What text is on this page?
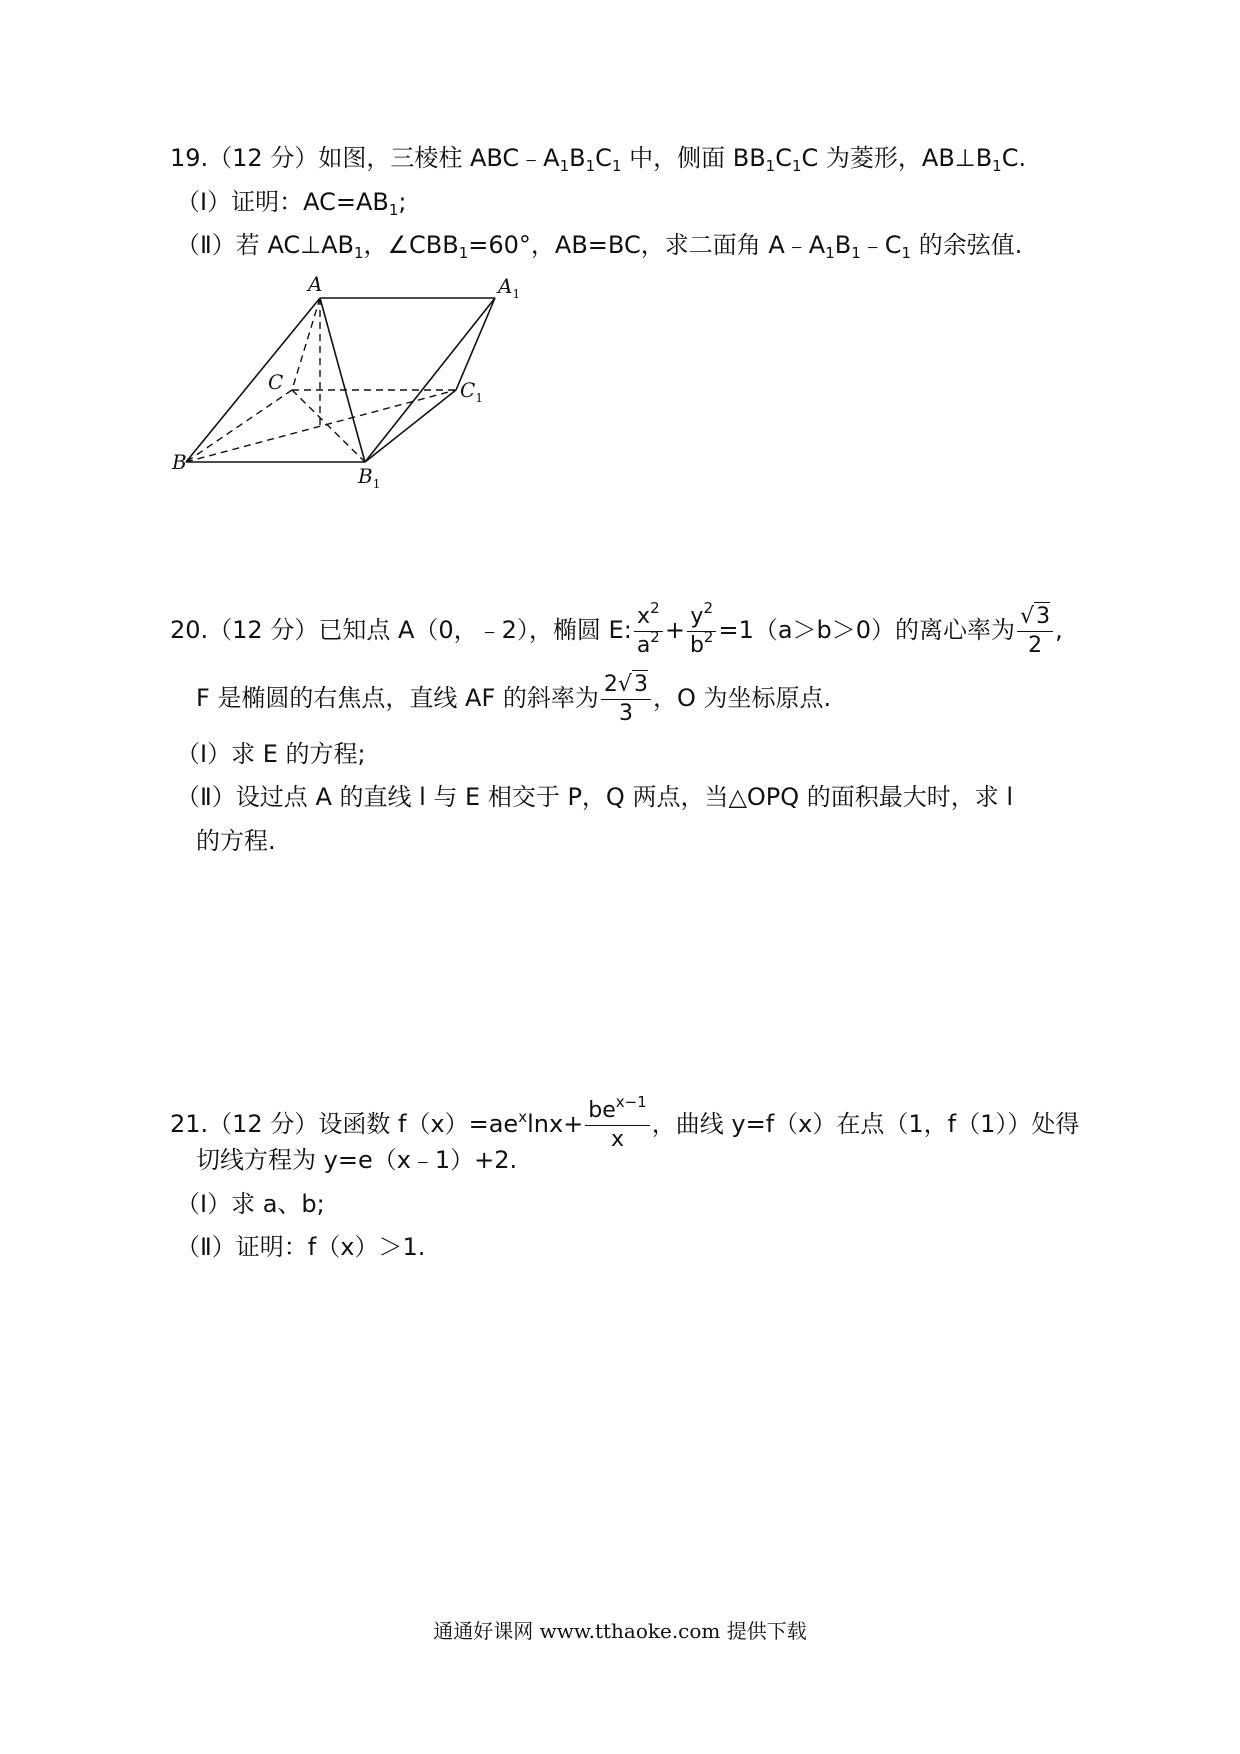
19.（12 分）如图，三棱柱 $ABC﹣A_1B_1C_1$ 中，侧面 $BB_1C_1C$ 为菱形，$AB\perp B_1C$.
（Ⅰ）证明：$AC=AB_1$;
（Ⅱ）若 $AC\perp AB_1$，$\angle CBB_1=60^\circ$，AB=BC，求二面角 $A﹣A_1B_1﹣C_1$ 的余弦值.
A	$A_1$
C	$C_1$
B
$B_1$
20.（12 分）已知点 A（0，﹣2），椭圆 E: $\frac{x^2}{a^2} + \frac{y^2}{b^2} =1(a>b>0)$的离心率为 $\frac{√3}{2}$ ,
F 是椭圆的右焦点，直线 AF 的斜率为 $\frac{2√3}{3}$ ，O 为坐标原点.
（Ⅰ）求 E 的方程;
（Ⅱ）设过点 A 的直线 l 与 E 相交于 P，Q 两点，当△OPQ 的面积最大时，求 l
的方程.
21.（12 分）设函数 $f(x)=ae^x\ln x+ \frac{be^{x-1}}{x}$ ，曲线 y=f（x）在点（1，f（1））处得
切线方程为 y=e（x﹣1）+2.
（Ⅰ）求 a、b;
（Ⅱ）证明：f（x）＞1.
通通好课网 www.tthaoke.com 提供下载
